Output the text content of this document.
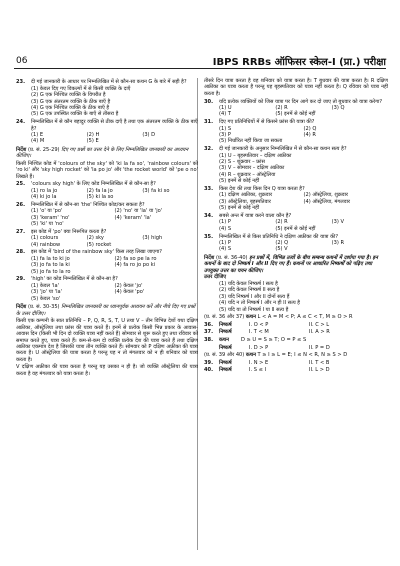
06	IBPS RRBs ऑफिसर स्केल-I (प्रा.) परीक्षा
23.	दी गई जानकारी के आधार पर निम्नलिखित में से कौन-सा कथन G के बारे में सही है?
(1) केवल दिए गए विकल्पों में से किसी व्यक्ति के दाएँ
(2) G एक निश्चित व्यक्ति के विपरीत है
(3) G एक अंतरतम व्यक्ति के ठीक बाएँ है
(4) G एक निश्चित व्यक्ति के ठीक बाएँ है
(5) G एक उपस्थित व्यक्ति के बाएँ से तीसरा है
24.	निम्नलिखित में से कौन बहादुर व्यक्ति से ठीक दाएँ है तथा एक अंतरतम व्यक्ति के ठीक बाएँ है?
(1) E	(2) H	(3) D
(4) M	(5) E
निर्देश (प्र. सं. 25-29) दिए गए प्रश्नों का उत्तर देने के लिए निम्नलिखित जानकारी का अध्ययन कीजिए।
किसी निश्चित कोड में 'colours of the sky' को 'ki la fa so', 'rainbow colours' को 'ro ki' और 'sky high rocket' को 'la po jo' और 'the rocket world' को 'pe o no' लिखते हैं।
25.	'colours sky high' के लिए कोड निम्नलिखित में से कौन-सा है?
(1) ro la jo	(2) fa la jo	(3) fa ki so
(4) ki jo la	(5) ki la so
26.	निम्नलिखित में से कौन-सा 'the' निश्चित कोड/कर सकता है?
(1) 'o' या 'po'	(2) 'no' या 'la' या 'jo'
(3) 'keram' 'no'	(4) 'keram' 'la'
(5) 'ki' या 'no'
27.	इस कोड में 'po' क्या निरूपित करता है?
(1) colours	(2) sky	(3) high
(4) rainbow	(5) rocket
28.	इस कोड में 'bird of the rainbow sky' किस तरह लिखा जाएगा?
(1) fa la to ki jo	(2) fa so pe la ro
(3) jo fa to la ki	(4) fa ro jo po ki
(5) jo fa to la ro
29.	'high' का कोड निम्नलिखित में से कौन-सा है?
(1) केवल 'la'	(2) केवल 'jo'
(3) 'jo' या 'la'	(4) केवल 'po'
(5) केवल 'so'
निर्देश (प्र. सं. 30-35) निम्नलिखित जानकारी का ध्यानपूर्वक अध्ययन करें और नीचे दिए गए प्रश्नों के उत्तर दीजिए।
किसी एक कम्पनी के सात प्रतिनिधि – P, Q, R, S, T, U तथा V – तीन विभिन्न देशों यथा दक्षिण अफ्रीका, ऑस्ट्रेलिया तथा फ्रांस की यात्रा करते हैं। इनमें से प्रत्येक किसी भिन्न प्रकार के आवास-आवास दिन (किसी भी दिन दो व्यक्ति यात्रा नहीं करते हैं) सोमवार से शुरू करते हुए तथा रविवार को समाप्त करते हुए, यात्रा करते हैं। कम-से-कम दो व्यक्ति प्रत्येक देश की यात्रा करते हैं तथा दक्षिण अफ्रीका एकमात्र देश है जिसकी यात्रा तीन व्यक्ति करते हैं। सोमवार को P दक्षिण अफ्रीका की यात्रा करता है। U ऑस्ट्रेलिया की यात्रा करता है परन्तु यह न तो मंगलवार को न ही शनिवार को यात्रा करता है।
V दक्षिण अफ्रीका की यात्रा करता है परन्तु यह उसका न ही है। जो व्यक्ति ऑस्ट्रेलिया की यात्रा करता है वह मंगलवार को यात्रा करता है।
तीसरे दिन यात्रा करता है वह शनिवार को यात्रा करता है। T बुधवार की यात्रा करता है। R दक्षिण अफ्रीका का यात्रा करता है परन्तु यह बृहस्पतिवार को यात्रा नहीं करता है। Q रविवार को यात्रा नहीं करता है।
30.	यदि प्रत्येक व्यक्तियों को जिस यात्रा पर दिन आगे कर दो जाए तो बुधवार को यात्रा करेगा?
(1) U	(2) R	(3) Q
(4) T	(5) इनमें से कोई नहीं
31.	दिए गए प्रतिनिधियों में से किसने फ्रांस की यात्रा की?
(1) S	(2) Q
(3) P	(4) R
(5) निर्धारित नहीं किया जा सकता
32.	दी गई जानकारी के अनुसार निम्नलिखित में से कौन-सा कथन सत्य है?
(1) U – बृहस्पतिवार – दक्षिण अफ्रीका
(2) S – शुक्रवार – फ्रांस
(3) V – सोमवार – दक्षिण अफ्रीका
(4) R – शुक्रवार – ऑस्ट्रेलिया
(5) इनमें से कोई नहीं
33.	किस देश की तथा किस दिन Q यात्रा करता है?
(1) दक्षिण अफ्रीका, शुक्रवार	(2) ऑस्ट्रेलिया, शुक्रवार
(3) ऑस्ट्रेलिया, बृहस्पतिवार	(4) ऑस्ट्रेलिया, मंगलवार
(5) इनमें से कोई नहीं
34.	सबसे अन्त में यात्रा करने वाला कौन है?
(1) P	(2) R	(3) V
(4) S	(5) इनमें से कोई नहीं
35.	निम्नलिखित में से किस प्रतिनिधि ने दक्षिण अफ्रीका की यात्रा की?
(1) P	(2) Q	(3) R
(4) S	(5) V
निर्देश (प्र. सं. 36-40) इन प्रश्नों में, विभिन्न तत्वों के बीच सम्बन्ध कथनों में दर्शाया गया है। इन कथनों के बाद दो निष्कर्ष I और II दिए गए हैं। कथनों पर आधारित निष्कर्षों को पढ़िए तथा उपयुक्त उत्तर का चयन कीजिए।
उत्तर दीजिए
(1) यदि केवल निष्कर्ष I सत्य है
(2) यदि केवल निष्कर्ष II सत्य है
(3) यदि निष्कर्ष I और II दोनों सत्य हैं
(4) यदि न तो निष्कर्ष I और न ही II सत्य है
(5) यदि या तो निष्कर्ष I या II सत्य है
(प्र. सं. 36 और 37) कथन L < A = M < P; A ≤ C < T, M ≥ O > R
36.	निष्कर्ष	I. O < P	II. C > L
37.	निष्कर्ष	I. T < M	II. A > R
38.	कथन	D ≥ U = S ≥ T; O = P ≤ S
निष्कर्ष	I. D > P	II. P = D
(प्र. सं. 39 और 40) कथन T ≥ I ≥ L = E; I ≤ N < R, N ≥ S > D
39.	निष्कर्ष	I. N > E	II. T < B
40.	निष्कर्ष	I. S ≤ I	II. L > D
